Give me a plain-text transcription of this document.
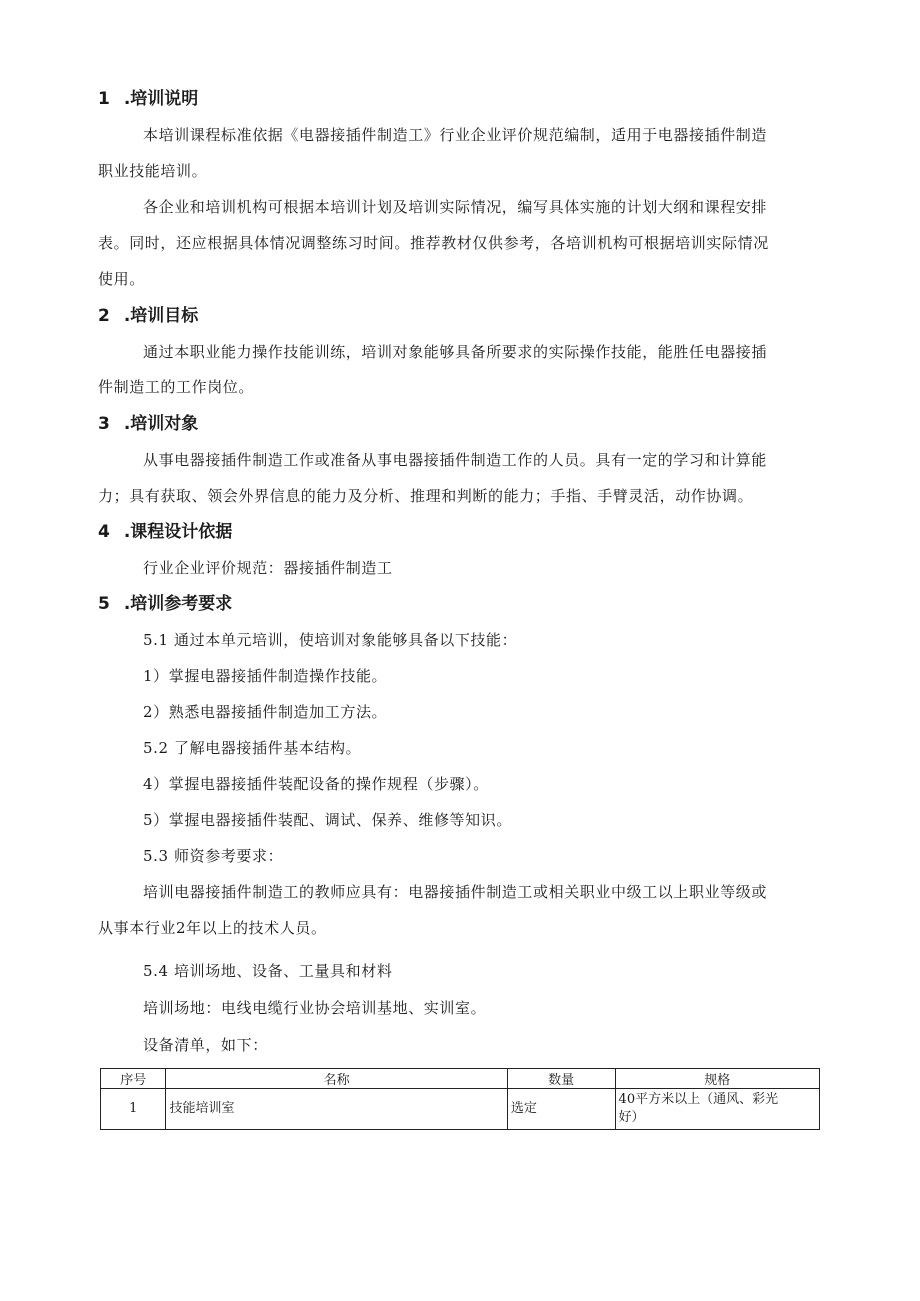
1 .培训说明
本培训课程标准依据《电器接插件制造工》行业企业评价规范编制，适用于电器接插件制造
职业技能培训。
各企业和培训机构可根据本培训计划及培训实际情况，编写具体实施的计划大纲和课程安排
表。同时，还应根据具体情况调整练习时间。推荐教材仅供参考，各培训机构可根据培训实际情况
使用。
2 .培训目标
通过本职业能力操作技能训练，培训对象能够具备所要求的实际操作技能，能胜任电器接插
件制造工的工作岗位。
3 .培训对象
从事电器接插件制造工作或准备从事电器接插件制造工作的人员。具有一定的学习和计算能
力；具有获取、领会外界信息的能力及分析、推理和判断的能力；手指、手臂灵活，动作协调。
4 .课程设计依据
行业企业评价规范：器接插件制造工
5 .培训参考要求
5.1 通过本单元培训，使培训对象能够具备以下技能：
1）掌握电器接插件制造操作技能。
2）熟悉电器接插件制造加工方法。
5.2 了解电器接插件基本结构。
4）掌握电器接插件装配设备的操作规程（步骤）。
5）掌握电器接插件装配、调试、保养、维修等知识。
5.3 师资参考要求：
培训电器接插件制造工的教师应具有：电器接插件制造工或相关职业中级工以上职业等级或
从事本行业2年以上的技术人员。
5.4 培训场地、设备、工量具和材料
培训场地：电线电缆行业协会培训基地、实训室。
设备清单，如下：
序号	名称	数量	规格
1	技能培训室	选定	40平方米以上（通风、彩光
好）
